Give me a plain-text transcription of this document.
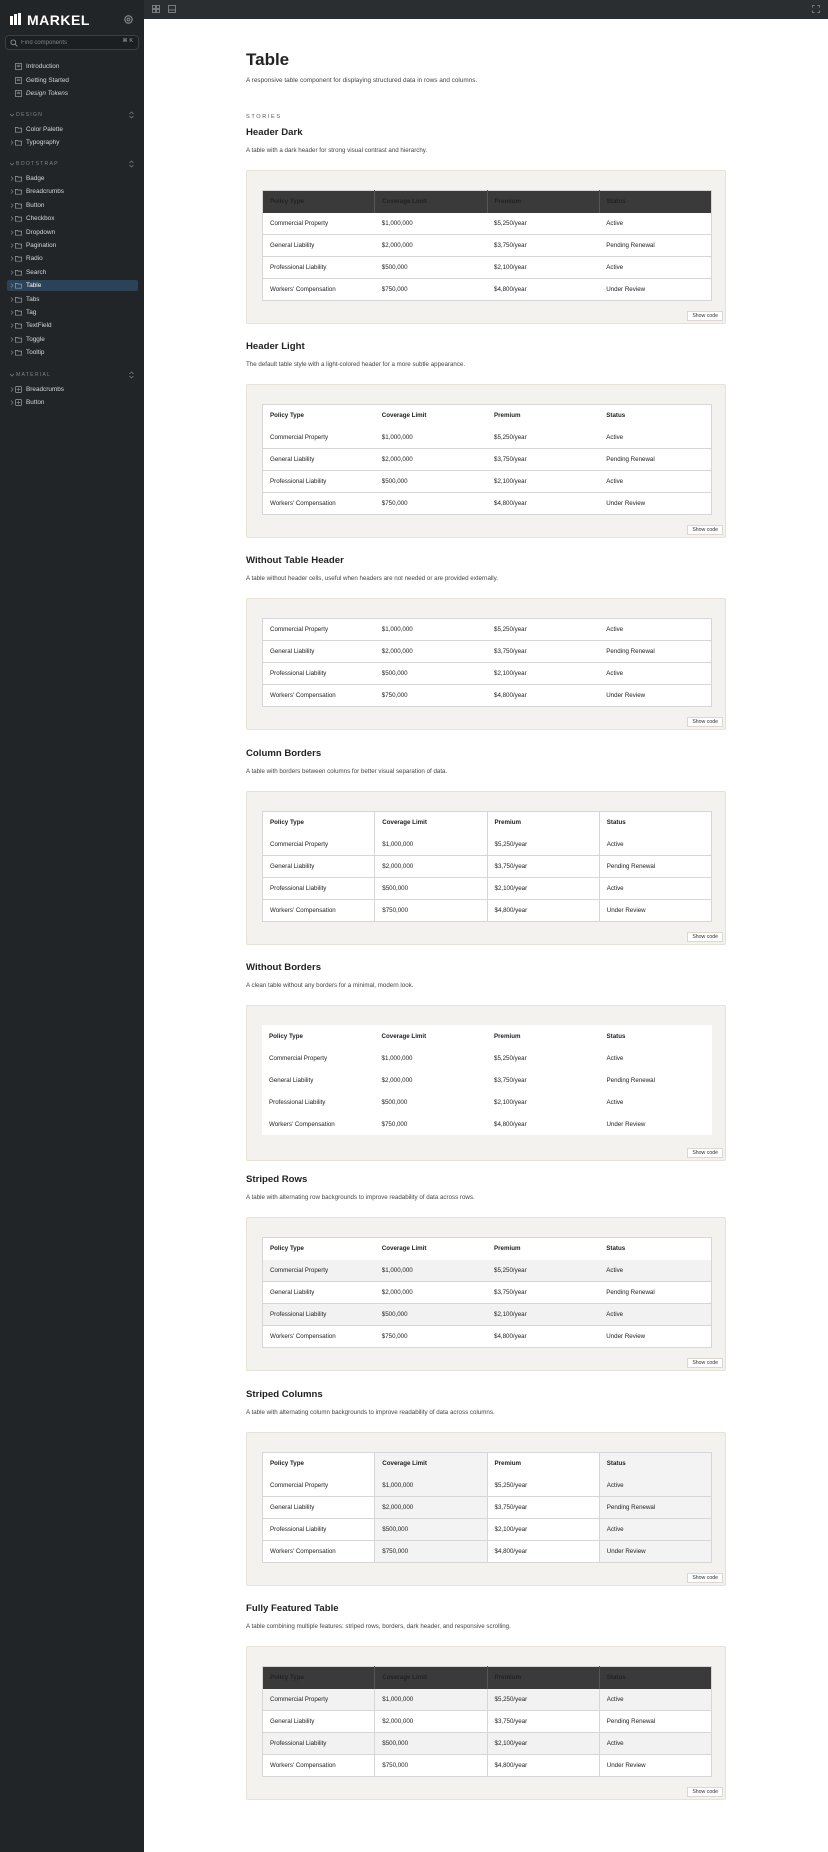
MARKEL
Find components
⌘ K
Introduction
Getting Started
Design Tokens
DESIGN
Color Palette
Typography
BOOTSTRAP
Badge
Breadcrumbs
Button
Checkbox
Dropdown
Pagination
Radio
Search
Table
Tabs
Tag
TextField
Toggle
Tooltip
MATERIAL
Breadcrumbs
Button
Table
A responsive table component for displaying structured data in rows and columns.
STORIES
Header Dark
A table with a dark header for strong visual contrast and hierarchy.
Policy Type	Coverage Limit	Premium	Status
Commercial Property	$1,000,000	$5,250/year	Active
General Liability	$2,000,000	$3,750/year	Pending Renewal
Professional Liability	$500,000	$2,100/year	Active
Workers' Compensation	$750,000	$4,800/year	Under Review
Show code
Header Light
The default table style with a light-colored header for a more subtle appearance.
Policy Type	Coverage Limit	Premium	Status
Commercial Property	$1,000,000	$5,250/year	Active
General Liability	$2,000,000	$3,750/year	Pending Renewal
Professional Liability	$500,000	$2,100/year	Active
Workers' Compensation	$750,000	$4,800/year	Under Review
Show code
Without Table Header
A table without header cells, useful when headers are not needed or are provided externally.
Commercial Property	$1,000,000	$5,250/year	Active
General Liability	$2,000,000	$3,750/year	Pending Renewal
Professional Liability	$500,000	$2,100/year	Active
Workers' Compensation	$750,000	$4,800/year	Under Review
Show code
Column Borders
A table with borders between columns for better visual separation of data.
Policy Type	Coverage Limit	Premium	Status
Commercial Property	$1,000,000	$5,250/year	Active
General Liability	$2,000,000	$3,750/year	Pending Renewal
Professional Liability	$500,000	$2,100/year	Active
Workers' Compensation	$750,000	$4,800/year	Under Review
Show code
Without Borders
A clean table without any borders for a minimal, modern look.
Policy Type	Coverage Limit	Premium	Status
Commercial Property	$1,000,000	$5,250/year	Active
General Liability	$2,000,000	$3,750/year	Pending Renewal
Professional Liability	$500,000	$2,100/year	Active
Workers' Compensation	$750,000	$4,800/year	Under Review
Show code
Striped Rows
A table with alternating row backgrounds to improve readability of data across rows.
Policy Type	Coverage Limit	Premium	Status
Commercial Property	$1,000,000	$5,250/year	Active
General Liability	$2,000,000	$3,750/year	Pending Renewal
Professional Liability	$500,000	$2,100/year	Active
Workers' Compensation	$750,000	$4,800/year	Under Review
Show code
Striped Columns
A table with alternating column backgrounds to improve readability of data across columns.
Policy Type	Coverage Limit	Premium	Status
Commercial Property	$1,000,000	$5,250/year	Active
General Liability	$2,000,000	$3,750/year	Pending Renewal
Professional Liability	$500,000	$2,100/year	Active
Workers' Compensation	$750,000	$4,800/year	Under Review
Show code
Fully Featured Table
A table combining multiple features: striped rows, borders, dark header, and responsive scrolling.
Policy Type	Coverage Limit	Premium	Status
Commercial Property	$1,000,000	$5,250/year	Active
General Liability	$2,000,000	$3,750/year	Pending Renewal
Professional Liability	$500,000	$2,100/year	Active
Workers' Compensation	$750,000	$4,800/year	Under Review
Show code
